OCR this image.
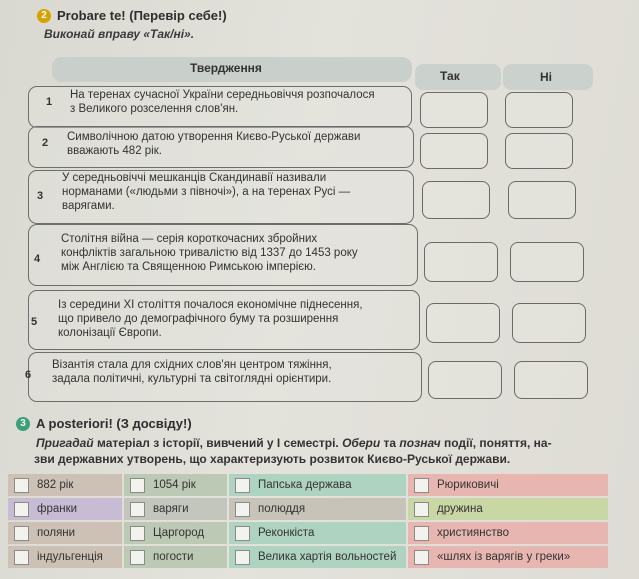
2 Probare te! (Перевір себе!)
Виконай вправу «Так/ні».
Твердження
Так	Ні
1
На теренах сучасної України середньовіччя розпочалося
з Великого розселення слов'ян.
2 Символічною датою утворення Києво-Руської держави
вважають 482 рік.
3
У середньовіччі мешканців Скандинавії називали
норманами («людьми з півночі»), а на теренах Русі —
варягами.
4
Столітня війна — серія короткочасних збройних
конфліктів загальною тривалістю від 1337 до 1453 року
між Англією та Священною Римською імперією.
5
Із середини XI століття почалося економічне піднесення,
що привело до демографічного буму та розширення
колонізації Європи.
6
Візантія стала для східних слов'ян центром тяжіння,
задала політичні, культурні та світоглядні орієнтири.
3 A posteriori! (З досвіду!)
Пригадай матеріал з історії, вивчений у І семестрі. Обери та познач події, поняття, на-
зви державних утворень, що характеризують розвиток Києво-Руської держави.
882 рік	1054 рік	Папська держава	Рюриковичі
франки	варяги	полюддя	дружина
поляни	Царгород	Реконкіста	християнство
індульгенція	погости	Велика хартія вольностей	«шлях із варягів у греки»
